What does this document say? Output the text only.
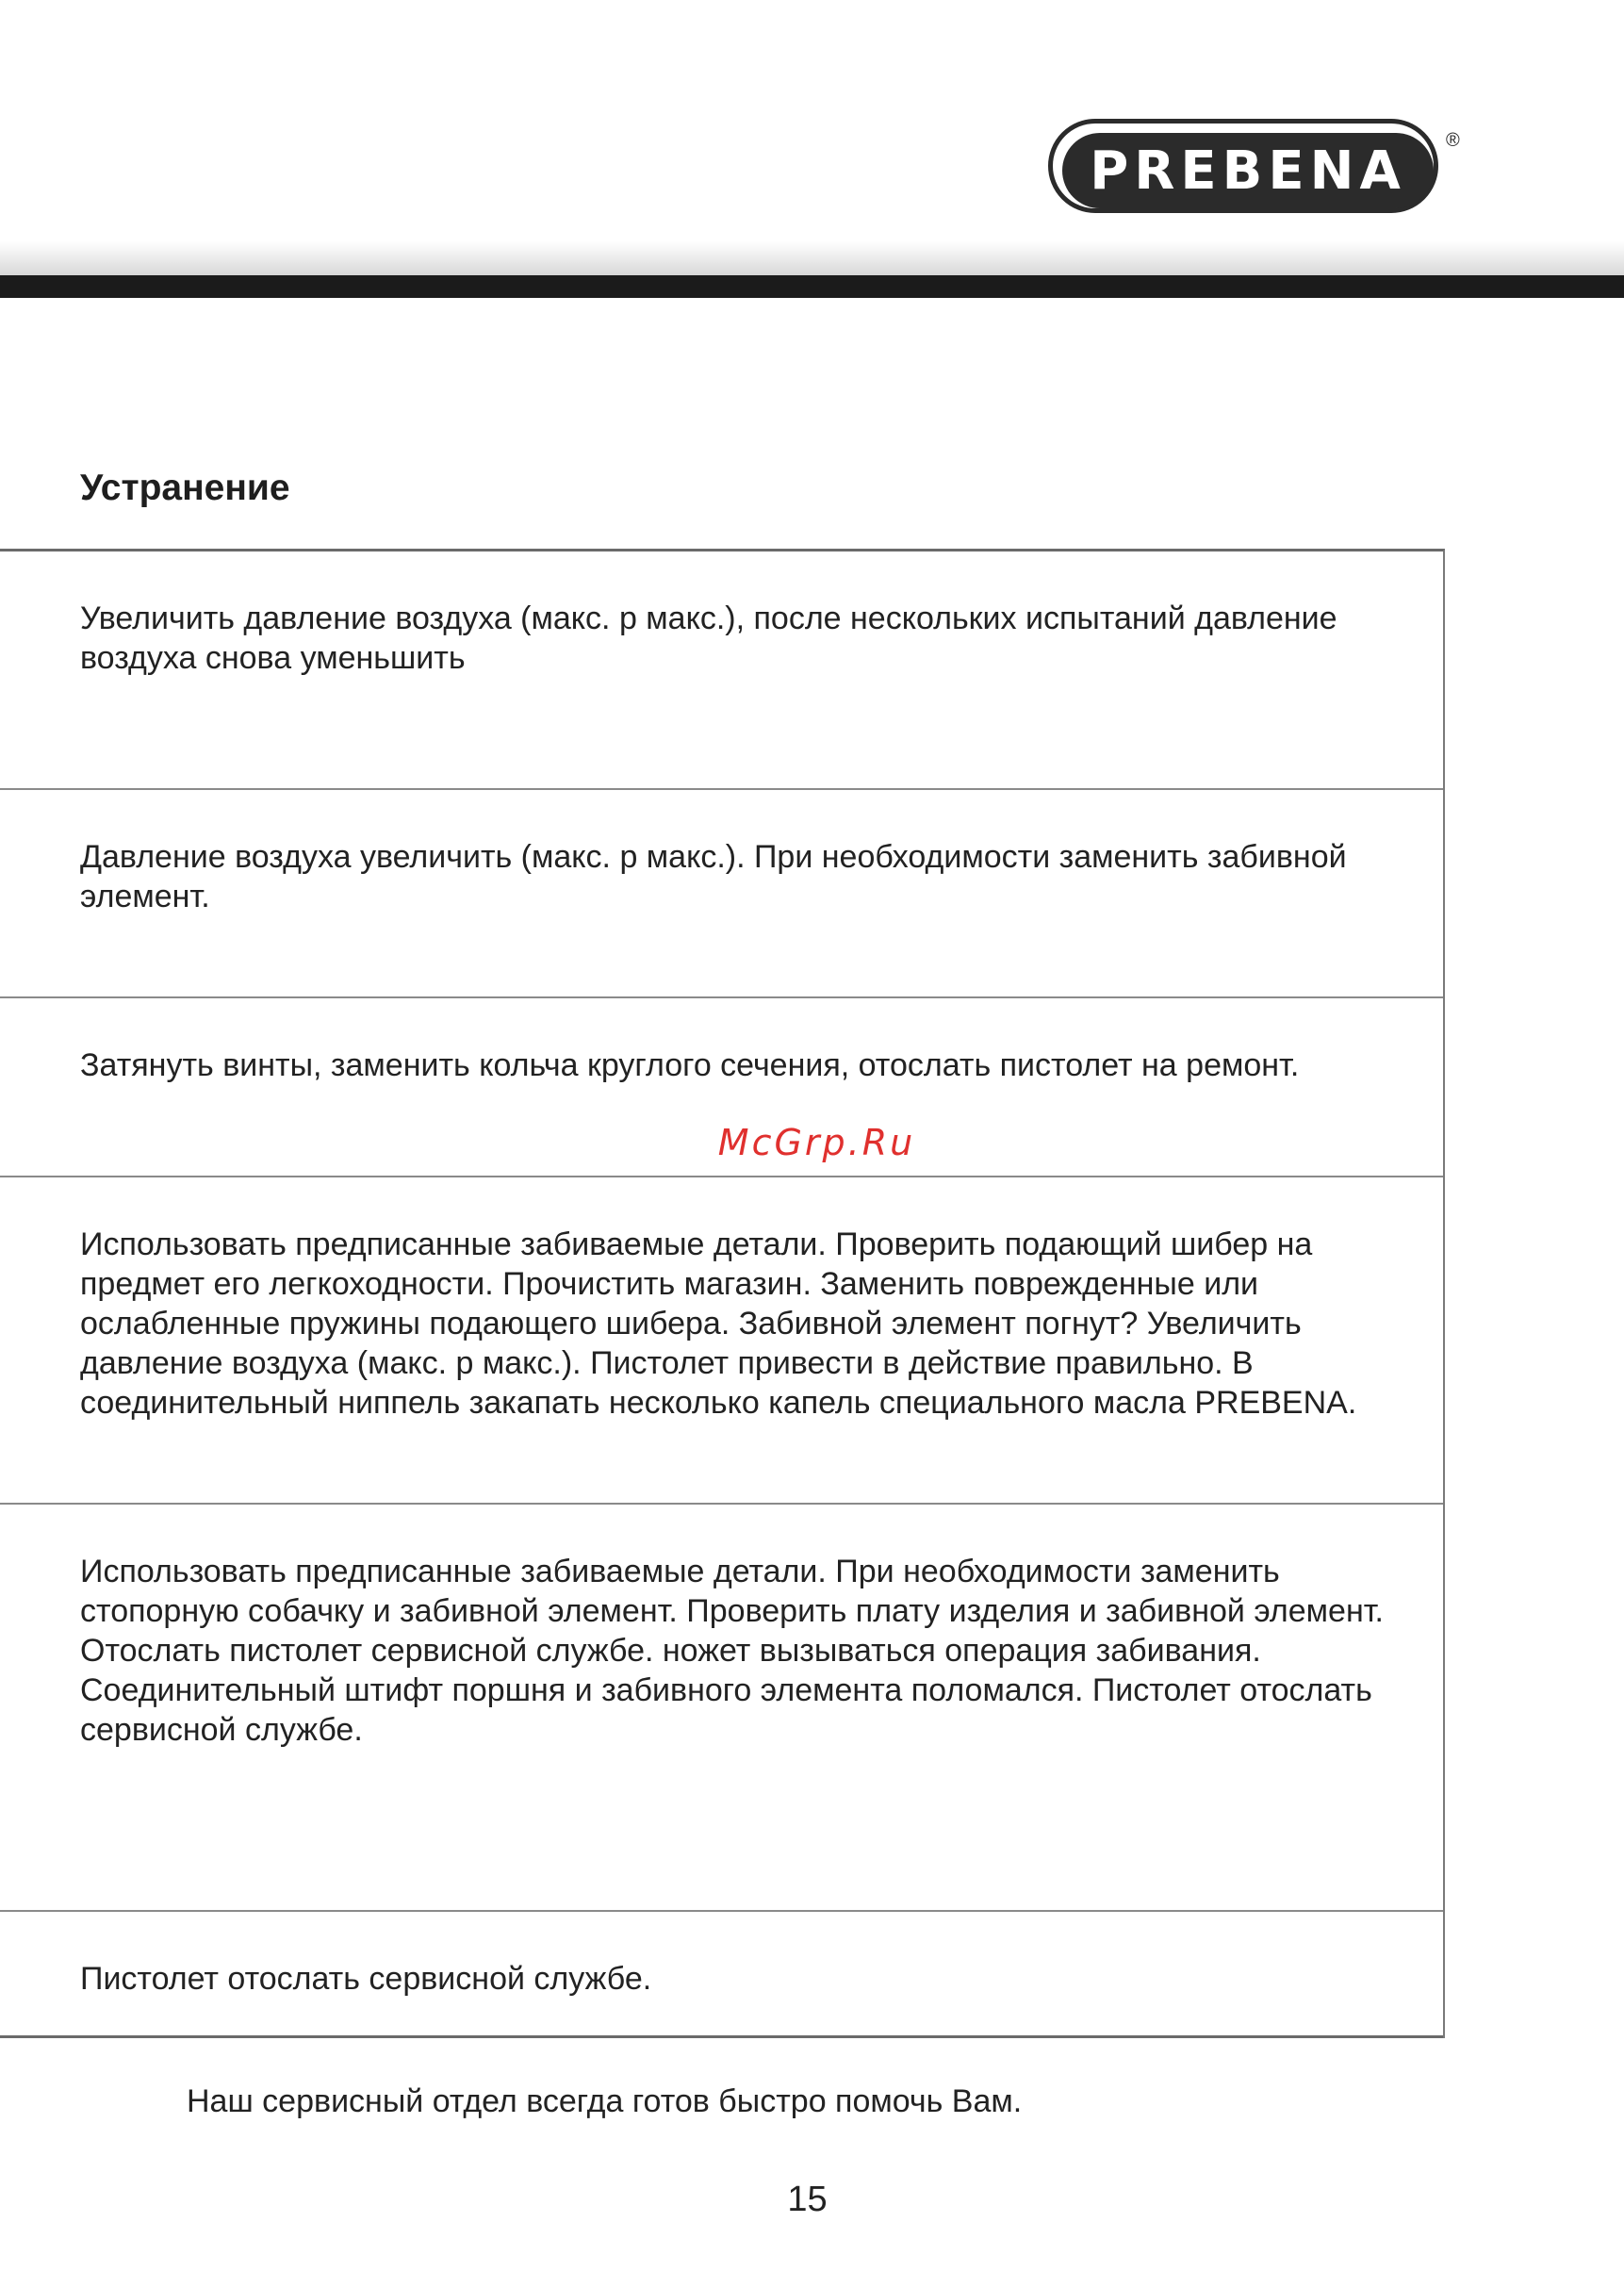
PREBENA ®
Устранение
Увеличить давление воздуха (макс. p макс.), после нескольких испытаний давление воздуха снова уменьшить
Давление воздуха увеличить (макс. p макс.). При необходимости заменить забивной элемент.
Затянуть винты, заменить кольча круглого сечения, отослать пистолет на ремонт.
Использовать предписанные забиваемые детали. Проверить подающий шибер на предмет его легкоходности. Прочистить магазин. Заменить поврежденные или ослабленные пружины подающего шибера. Забивной элемент погнут? Увеличить давление воздуха (макс. p макс.). Пистолет привести в действие правильно. В соединительный ниппель закапать несколько капель специального масла PREBENA.
Использовать предписанные забиваемые детали. При необходимости заменить стопорную собачку и забивной элемент. Проверить плату изделия и забивной элемент. Отослать пистолет сервисной службе. ножет вызываться операция забивания. Соединительный штифт поршня и забивного элемента поломался. Пистолет отослать сервисной службе.
Пистолет отослать сервисной службе.
McGrp.Ru
Наш сервисный отдел всегда готов быстро помочь Вам.
15
